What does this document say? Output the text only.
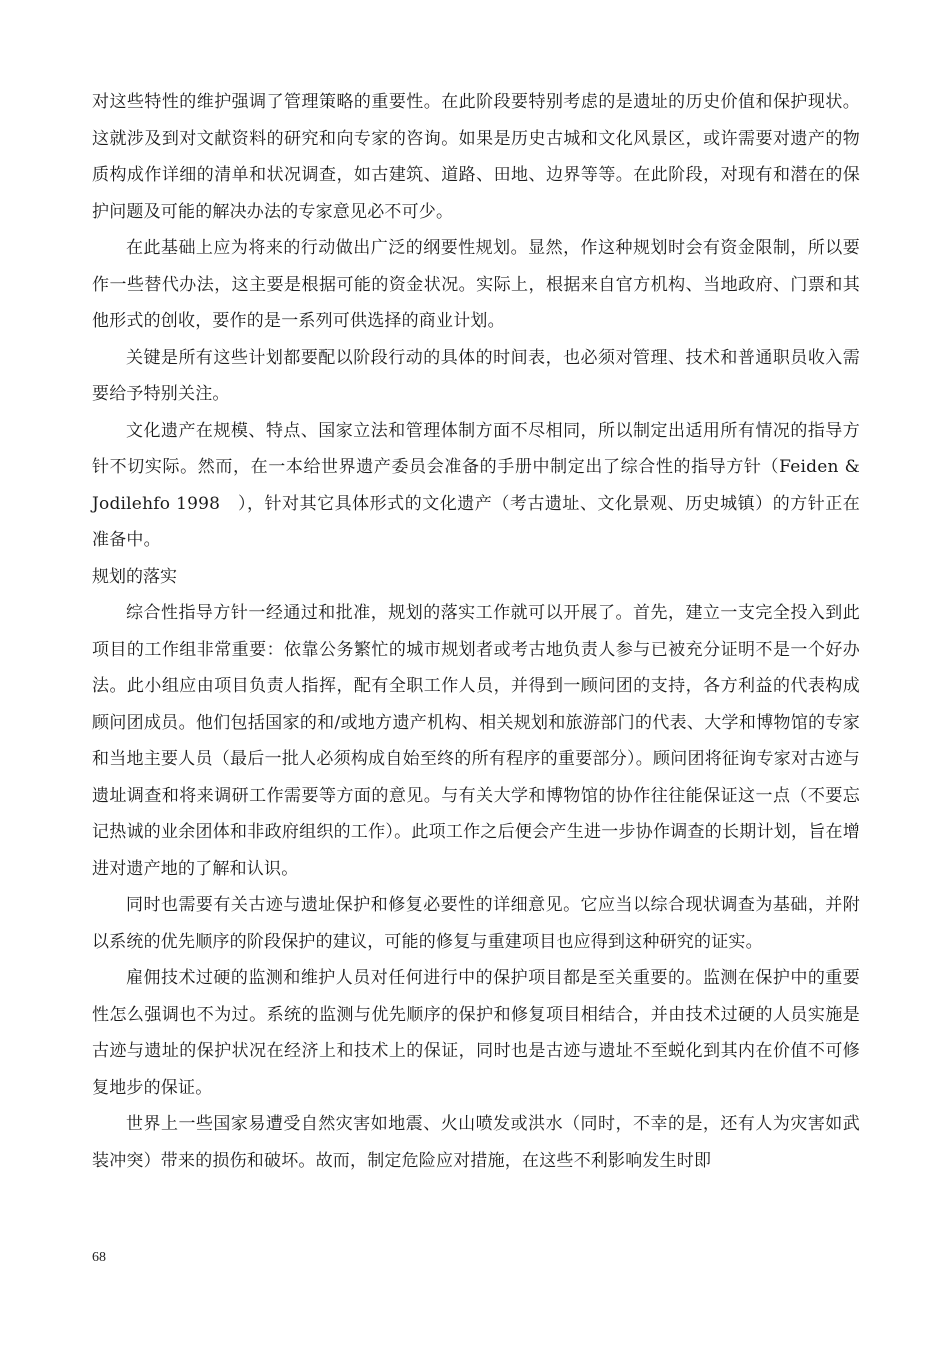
对这些特性的维护强调了管理策略的重要性。在此阶段要特别考虑的是遗址的历史价值和保护现状。这就涉及到对文献资料的研究和向专家的咨询。如果是历史古城和文化风景区，或许需要对遗产的物质构成作详细的清单和状况调查，如古建筑、道路、田地、边界等等。在此阶段，对现有和潜在的保护问题及可能的解决办法的专家意见必不可少。

在此基础上应为将来的行动做出广泛的纲要性规划。显然，作这种规划时会有资金限制，所以要作一些替代办法，这主要是根据可能的资金状况。实际上，根据来自官方机构、当地政府、门票和其他形式的创收，要作的是一系列可供选择的商业计划。

关键是所有这些计划都要配以阶段行动的具体的时间表，也必须对管理、技术和普通职员收入需要给予特别关注。

文化遗产在规模、特点、国家立法和管理体制方面不尽相同，所以制定出适用所有情况的指导方针不切实际。然而，在一本给世界遗产委员会准备的手册中制定出了综合性的指导方针（Feiden & Jodilehfo 1998　），针对其它具体形式的文化遗产（考古遗址、文化景观、历史城镇）的方针正在准备中。

规划的落实

综合性指导方针一经通过和批准，规划的落实工作就可以开展了。首先，建立一支完全投入到此项目的工作组非常重要：依靠公务繁忙的城市规划者或考古地负责人参与已被充分证明不是一个好办法。此小组应由项目负责人指挥，配有全职工作人员，并得到一顾问团的支持，各方利益的代表构成顾问团成员。他们包括国家的和/或地方遗产机构、相关规划和旅游部门的代表、大学和博物馆的专家和当地主要人员（最后一批人必须构成自始至终的所有程序的重要部分）。顾问团将征询专家对古迹与遗址调查和将来调研工作需要等方面的意见。与有关大学和博物馆的协作往往能保证这一点（不要忘记热诚的业余团体和非政府组织的工作）。此项工作之后便会产生进一步协作调查的长期计划，旨在增进对遗产地的了解和认识。

同时也需要有关古迹与遗址保护和修复必要性的详细意见。它应当以综合现状调查为基础，并附以系统的优先顺序的阶段保护的建议，可能的修复与重建项目也应得到这种研究的证实。

雇佣技术过硬的监测和维护人员对任何进行中的保护项目都是至关重要的。监测在保护中的重要性怎么强调也不为过。系统的监测与优先顺序的保护和修复项目相结合，并由技术过硬的人员实施是古迹与遗址的保护状况在经济上和技术上的保证，同时也是古迹与遗址不至蜕化到其内在价值不可修复地步的保证。

世界上一些国家易遭受自然灾害如地震、火山喷发或洪水（同时，不幸的是，还有人为灾害如武装冲突）带来的损伤和破坏。故而，制定危险应对措施，在这些不利影响发生时即

68
